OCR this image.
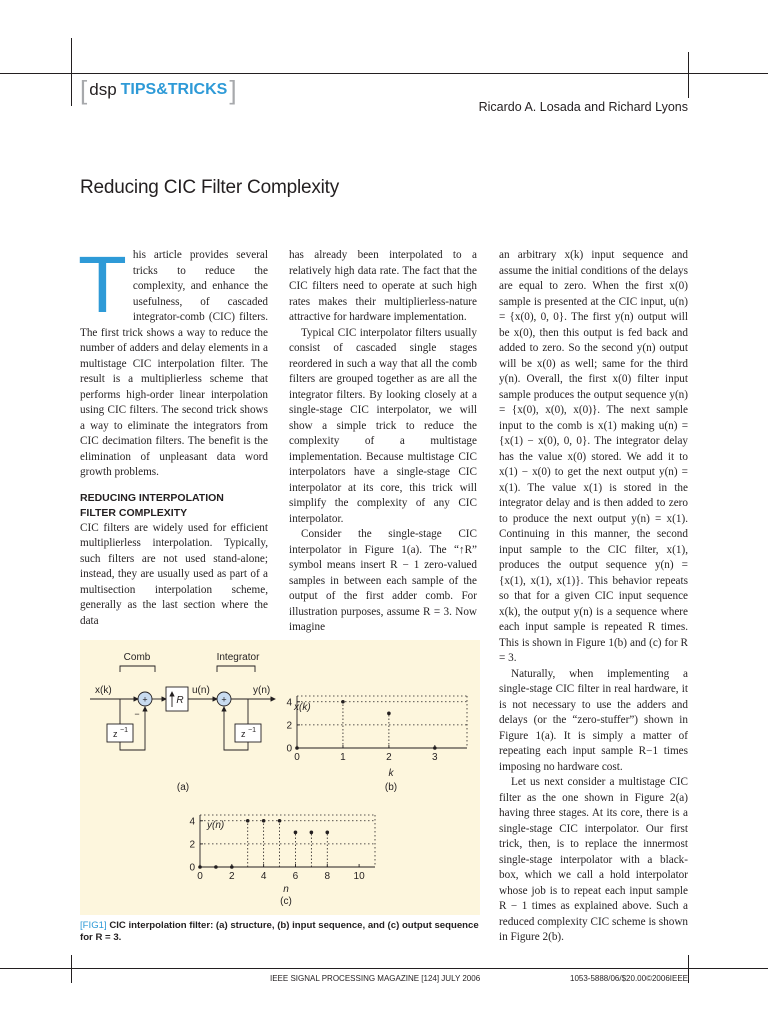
[ dsp TIPS&TRICKS ]
Ricardo A. Losada and Richard Lyons
Reducing CIC Filter Complexity

This article provides several tricks to reduce the complexity, and enhance the usefulness, of cascaded integrator-comb (CIC) filters. The first trick shows a way to reduce the number of adders and delay elements in a multistage CIC interpolation filter. The result is a multiplierless scheme that performs high-order linear interpolation using CIC filters. The second trick shows a way to eliminate the integrators from CIC decimation filters. The benefit is the elimination of unpleasant data word growth problems.

REDUCING INTERPOLATION
FILTER COMPLEXITY

CIC filters are widely used for efficient multiplierless interpolation. Typically, such filters are not used stand-alone; instead, they are usually used as part of a multisection interpolation scheme, generally as the last section where the data

has already been interpolated to a relatively high data rate. The fact that the CIC filters need to operate at such high rates makes their multiplierless-nature attractive for hardware implementation.

Typical CIC interpolator filters usually consist of cascaded single stages reordered in such a way that all the comb filters are grouped together as are all the integrator filters. By looking closely at a single-stage CIC interpolator, we will show a simple trick to reduce the complexity of a multistage implementation. Because multistage CIC interpolators have a single-stage CIC interpolator at its core, this trick will simplify the complexity of any CIC interpolator.

Consider the single-stage CIC interpolator in Figure 1(a). The “↑R” symbol means insert R − 1 zero-valued samples in between each sample of the output of the first adder comb. For illustration purposes, assume R = 3. Now imagine

an arbitrary x(k) input sequence and assume the initial conditions of the delays are equal to zero. When the first x(0) sample is presented at the CIC input, u(n) = {x(0), 0, 0}. The first y(n) output will be x(0), then this output is fed back and added to zero. So the second y(n) output will be x(0) as well; same for the third y(n). Overall, the first x(0) filter input sample produces the output sequence y(n) = {x(0), x(0), x(0)}. The next sample input to the comb is x(1) making u(n) = {x(1) − x(0), 0, 0}. The integrator delay has the value x(0) stored. We add it to x(1) − x(0) to get the next output y(n) = x(1). The value x(1) is stored in the integrator delay and is then added to zero to produce the next output y(n) = x(1). Continuing in this manner, the second input sample to the CIC filter, x(1), produces the output sequence y(n) = {x(1), x(1), x(1)}. This behavior repeats so that for a given CIC input sequence x(k), the output y(n) is a sequence where each input sample is repeated R times. This is shown in Figure 1(b) and (c) for R = 3.

Naturally, when implementing a single-stage CIC filter in real hardware, it is not necessary to use the adders and delays (or the “zero-stuffer”) shown in Figure 1(a). It is simply a matter of repeating each input sample R−1 times imposing no hardware cost.

Let us next consider a multistage CIC filter as the one shown in Figure 2(a) having three stages. At its core, there is a single-stage CIC interpolator. Our first trick, then, is to replace the innermost single-stage interpolator with a black-box, which we call a hold interpolator whose job is to repeat each input sample R − 1 times as explained above. Such a reduced complexity CIC scheme is shown in Figure 2(b).

Comb	Integrator
x(k)	u(n)	y(n)
+	+
−
R
z −1	z −1
(a)
0	1	2	3
0
2
4
(b)
x(k)
k
0	2	4	6	8 10
0
2
4
(c)
y(n)
n
[FIG1] CIC interpolation filter: (a) structure, (b) input sequence, and (c) output sequence for R = 3.
IEEE SIGNAL PROCESSING MAGAZINE [124] JULY 2006	1053-5888/06/$20.00©2006IEEE
